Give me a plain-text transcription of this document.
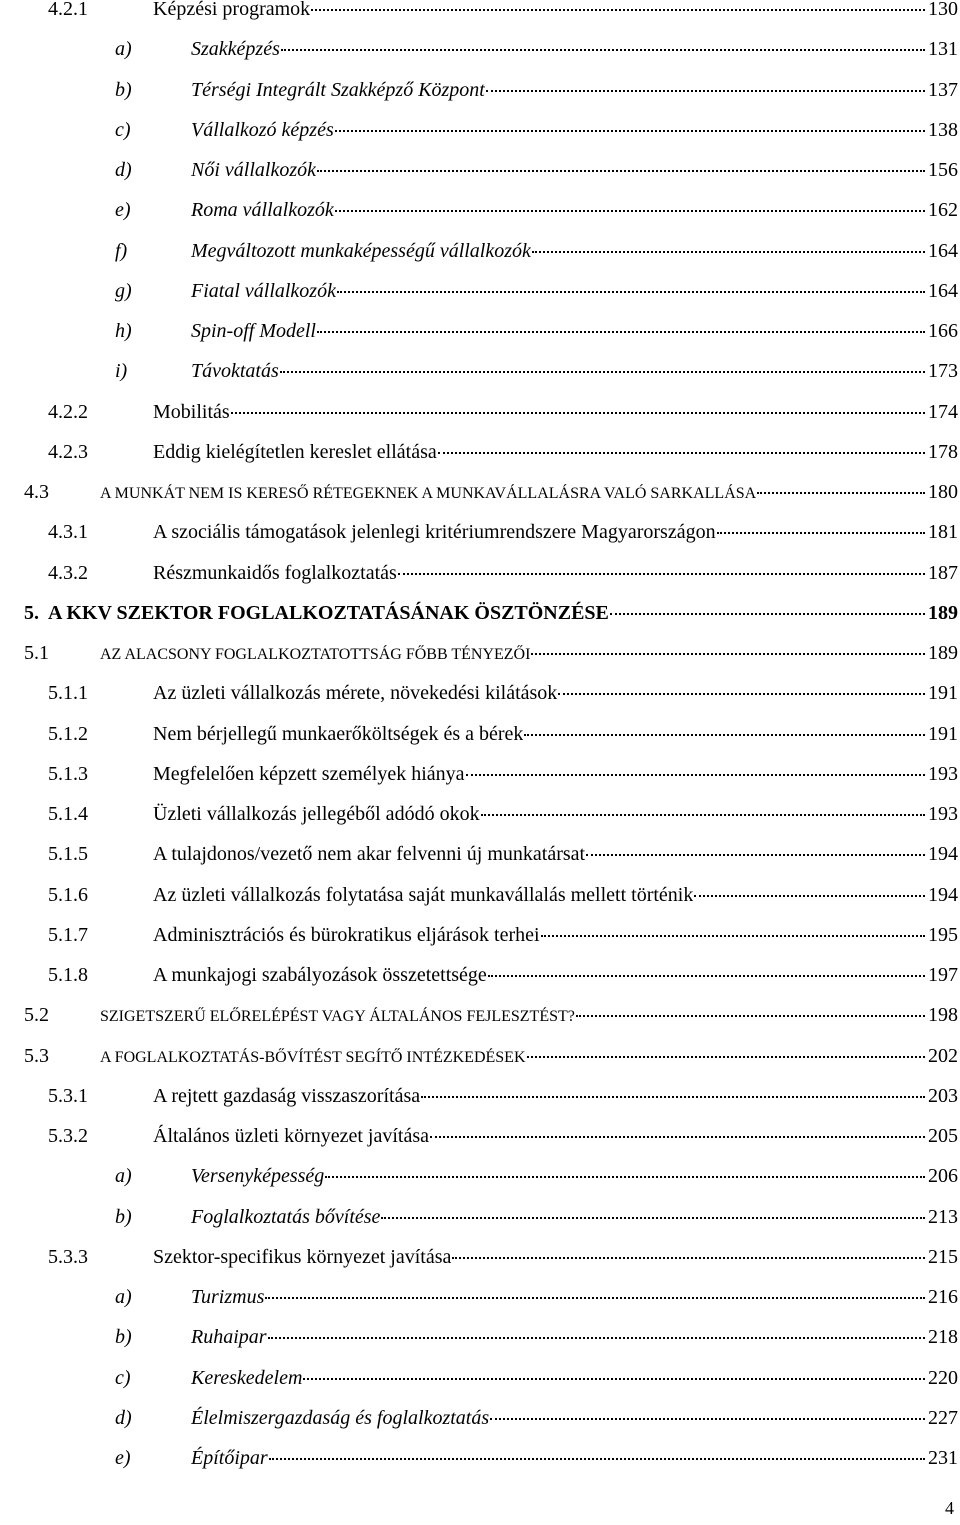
4.2.1	Képzési programok	130
a)	Szakképzés	131
b)	Térségi Integrált Szakképző Központ	137
c)	Vállalkozó képzés	138
d)	Női vállalkozók	156
e)	Roma vállalkozók	162
f)	Megváltozott munkaképességű vállalkozók	164
g)	Fiatal vállalkozók	164
h)	Spin-off Modell	166
i)	Távoktatás	173
4.2.2	Mobilitás	174
4.2.3	Eddig kielégítetlen kereslet ellátása	178
4.3	A MUNKÁT NEM IS KERESŐ RÉTEGEKNEK A MUNKAVÁLLALÁSRA VALÓ SARKALLÁSA	180
4.3.1	A szociális támogatások jelenlegi kritériumrendszere Magyarországon	181
4.3.2	Részmunkaidős foglalkoztatás	187
5. A KKV SZEKTOR FOGLALKOZTATÁSÁNAK ÖSZTÖNZÉSE	189
5.1	AZ ALACSONY FOGLALKOZTATOTTSÁG FŐBB TÉNYEZŐI	189
5.1.1	Az üzleti vállalkozás mérete, növekedési kilátások	191
5.1.2	Nem bérjellegű munkaerőköltségek és a bérek	191
5.1.3	Megfelelően képzett személyek hiánya	193
5.1.4	Üzleti vállalkozás jellegéből adódó okok	193
5.1.5	A tulajdonos/vezető nem akar felvenni új munkatársat	194
5.1.6	Az üzleti vállalkozás folytatása saját munkavállalás mellett történik	194
5.1.7	Adminisztrációs és bürokratikus eljárások terhei	195
5.1.8	A munkajogi szabályozások összetettsége	197
5.2	SZIGETSZERŰ ELŐRELÉPÉST VAGY ÁLTALÁNOS FEJLESZTÉST?	198
5.3	A FOGLALKOZTATÁS-BŐVÍTÉST SEGÍTŐ INTÉZKEDÉSEK	202
5.3.1	A rejtett gazdaság visszaszorítása	203
5.3.2	Általános üzleti környezet javítása	205
a)	Versenyképesség	206
b)	Foglalkoztatás bővítése	213
5.3.3	Szektor-specifikus környezet javítása	215
a)	Turizmus	216
b)	Ruhaipar	218
c)	Kereskedelem	220
d)	Élelmiszergazdaság és foglalkoztatás	227
e)	Építőipar	231
4
